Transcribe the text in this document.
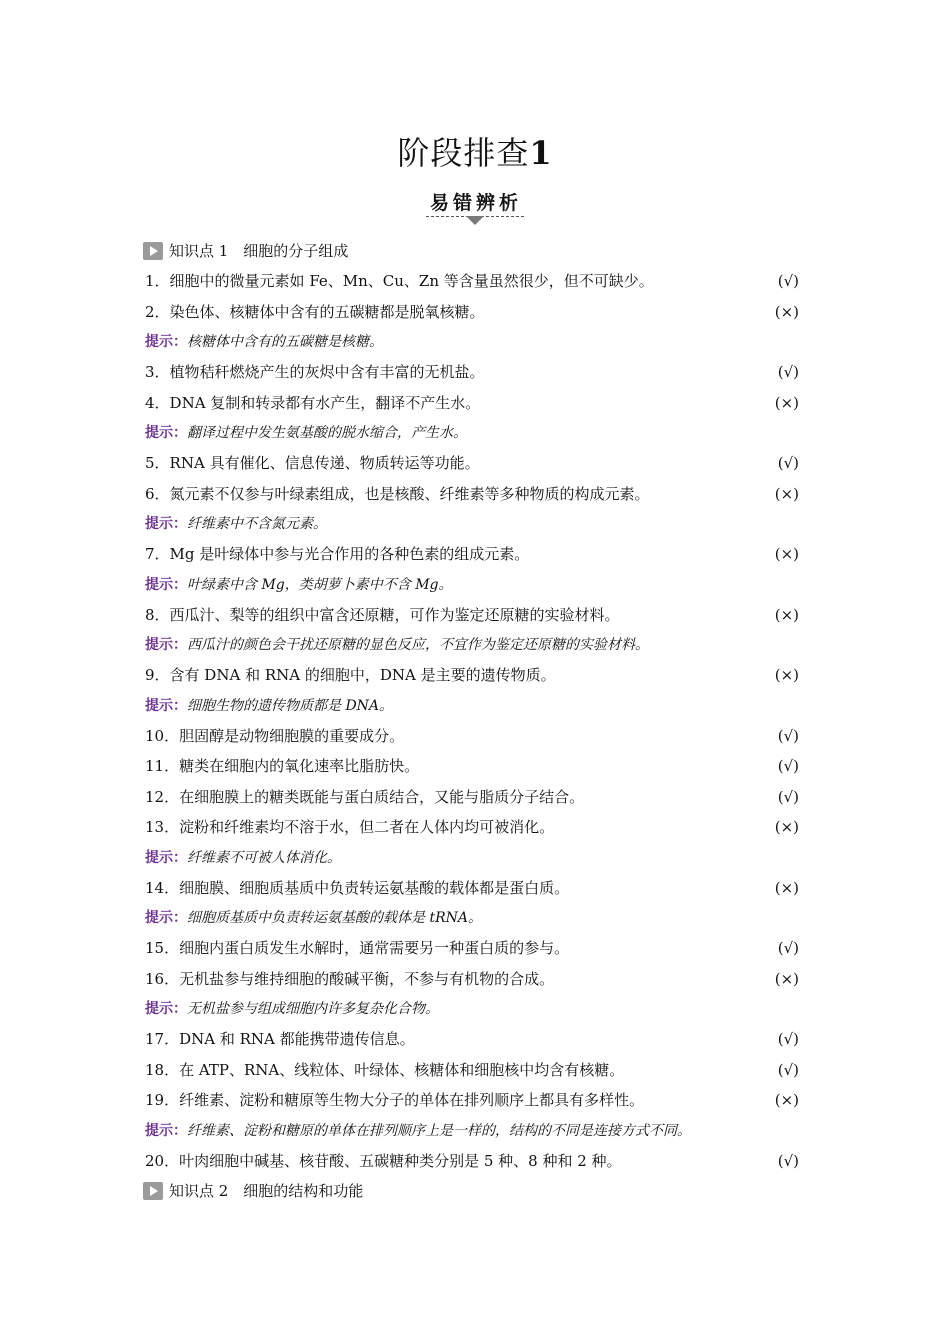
阶段排查1
易错辨析
知识点 1　细胞的分子组成
1．细胞中的微量元素如 Fe、Mn、Cu、Zn 等含量虽然很少，但不可缺少。	(√)
2．染色体、核糖体中含有的五碳糖都是脱氧核糖。	(×)
提示：核糖体中含有的五碳糖是核糖。
3．植物秸秆燃烧产生的灰烬中含有丰富的无机盐。	(√)
4．DNA 复制和转录都有水产生，翻译不产生水。	(×)
提示：翻译过程中发生氨基酸的脱水缩合，产生水。
5．RNA 具有催化、信息传递、物质转运等功能。	(√)
6．氮元素不仅参与叶绿素组成，也是核酸、纤维素等多种物质的构成元素。	(×)
提示：纤维素中不含氮元素。
7．Mg 是叶绿体中参与光合作用的各种色素的组成元素。	(×)
提示：叶绿素中含 Mg，类胡萝卜素中不含 Mg。
8．西瓜汁、梨等的组织中富含还原糖，可作为鉴定还原糖的实验材料。	(×)
提示：西瓜汁的颜色会干扰还原糖的显色反应，不宜作为鉴定还原糖的实验材料。
9．含有 DNA 和 RNA 的细胞中，DNA 是主要的遗传物质。	(×)
提示：细胞生物的遗传物质都是 DNA。
10．胆固醇是动物细胞膜的重要成分。	(√)
11．糖类在细胞内的氧化速率比脂肪快。	(√)
12．在细胞膜上的糖类既能与蛋白质结合，又能与脂质分子结合。	(√)
13．淀粉和纤维素均不溶于水，但二者在人体内均可被消化。	(×)
提示：纤维素不可被人体消化。
14．细胞膜、细胞质基质中负责转运氨基酸的载体都是蛋白质。	(×)
提示：细胞质基质中负责转运氨基酸的载体是 tRNA。
15．细胞内蛋白质发生水解时，通常需要另一种蛋白质的参与。	(√)
16．无机盐参与维持细胞的酸碱平衡，不参与有机物的合成。	(×)
提示：无机盐参与组成细胞内许多复杂化合物。
17．DNA 和 RNA 都能携带遗传信息。	(√)
18．在 ATP、RNA、线粒体、叶绿体、核糖体和细胞核中均含有核糖。	(√)
19．纤维素、淀粉和糖原等生物大分子的单体在排列顺序上都具有多样性。	(×)
提示：纤维素、淀粉和糖原的单体在排列顺序上是一样的，结构的不同是连接方式不同。
20．叶肉细胞中碱基、核苷酸、五碳糖种类分别是 5 种、8 种和 2 种。	(√)
知识点 2　细胞的结构和功能
